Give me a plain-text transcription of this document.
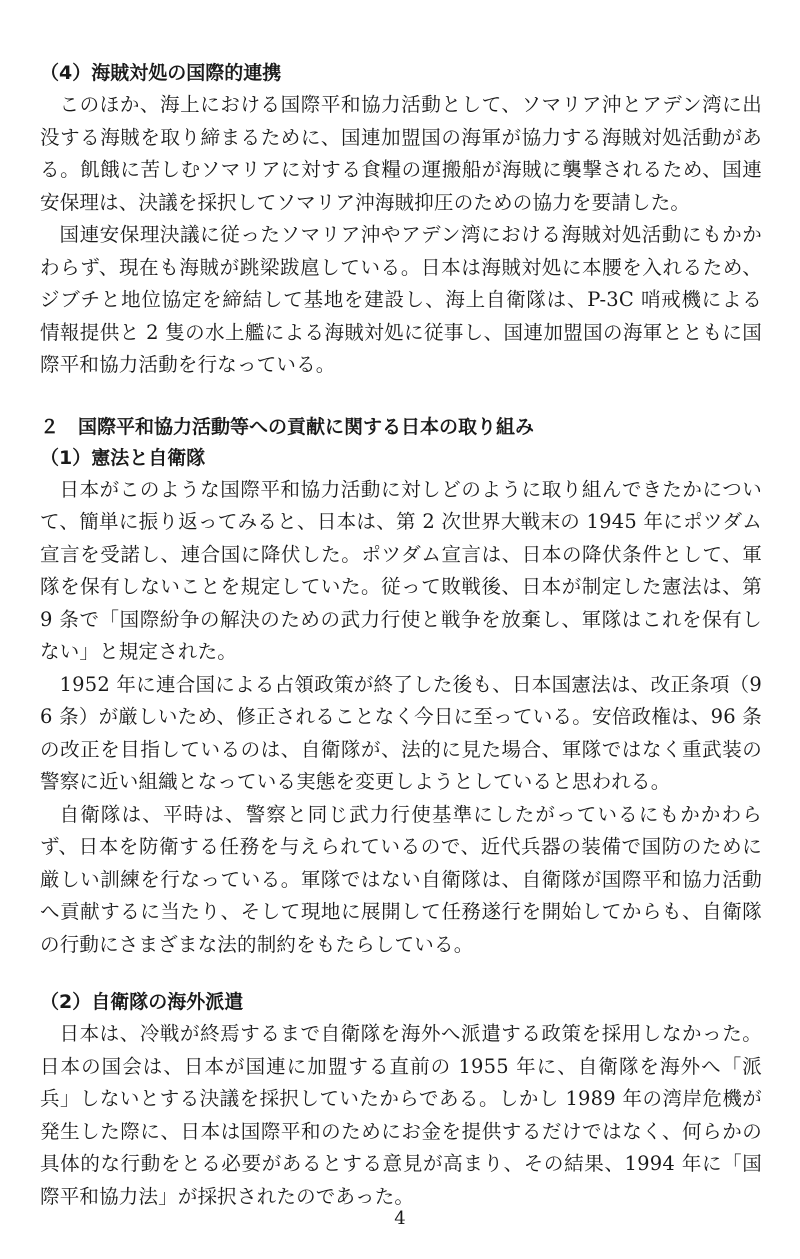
（4）海賊対処の国際的連携

このほか、海上における国際平和協力活動として、ソマリア沖とアデン湾に出没する海賊を取り締まるために、国連加盟国の海軍が協力する海賊対処活動がある。飢餓に苦しむソマリアに対する食糧の運搬船が海賊に襲撃されるため、国連安保理は、決議を採択してソマリア沖海賊抑圧のための協力を要請した。

国連安保理決議に従ったソマリア沖やアデン湾における海賊対処活動にもかかわらず、現在も海賊が跳梁跋扈している。日本は海賊対処に本腰を入れるため、ジブチと地位協定を締結して基地を建設し、海上自衛隊は、P-3C 哨戒機による情報提供と 2 隻の水上艦による海賊対処に従事し、国連加盟国の海軍とともに国際平和協力活動を行なっている。

２　国際平和協力活動等への貢献に関する日本の取り組み
（1）憲法と自衛隊

日本がこのような国際平和協力活動に対しどのように取り組んできたかについて、簡単に振り返ってみると、日本は、第 2 次世界大戦末の 1945 年にポツダム宣言を受諾し、連合国に降伏した。ポツダム宣言は、日本の降伏条件として、軍隊を保有しないことを規定していた。従って敗戦後、日本が制定した憲法は、第 9 条で「国際紛争の解決のための武力行使と戦争を放棄し、軍隊はこれを保有しない」と規定された。

1952 年に連合国による占領政策が終了した後も、日本国憲法は、改正条項（96 条）が厳しいため、修正されることなく今日に至っている。安倍政権は、96 条の改正を目指しているのは、自衛隊が、法的に見た場合、軍隊ではなく重武装の警察に近い組織となっている実態を変更しようとしていると思われる。

自衛隊は、平時は、警察と同じ武力行使基準にしたがっているにもかかわらず、日本を防衛する任務を与えられているので、近代兵器の装備で国防のために厳しい訓練を行なっている。軍隊ではない自衛隊は、自衛隊が国際平和協力活動へ貢献するに当たり、そして現地に展開して任務遂行を開始してからも、自衛隊の行動にさまざまな法的制約をもたらしている。

（2）自衛隊の海外派遣

日本は、冷戦が終焉するまで自衛隊を海外へ派遣する政策を採用しなかった。日本の国会は、日本が国連に加盟する直前の 1955 年に、自衛隊を海外へ「派兵」しないとする決議を採択していたからである。しかし 1989 年の湾岸危機が発生した際に、日本は国際平和のためにお金を提供するだけではなく、何らかの具体的な行動をとる必要があるとする意見が高まり、その結果、1994 年に「国際平和協力法」が採択されたのであった。

4
